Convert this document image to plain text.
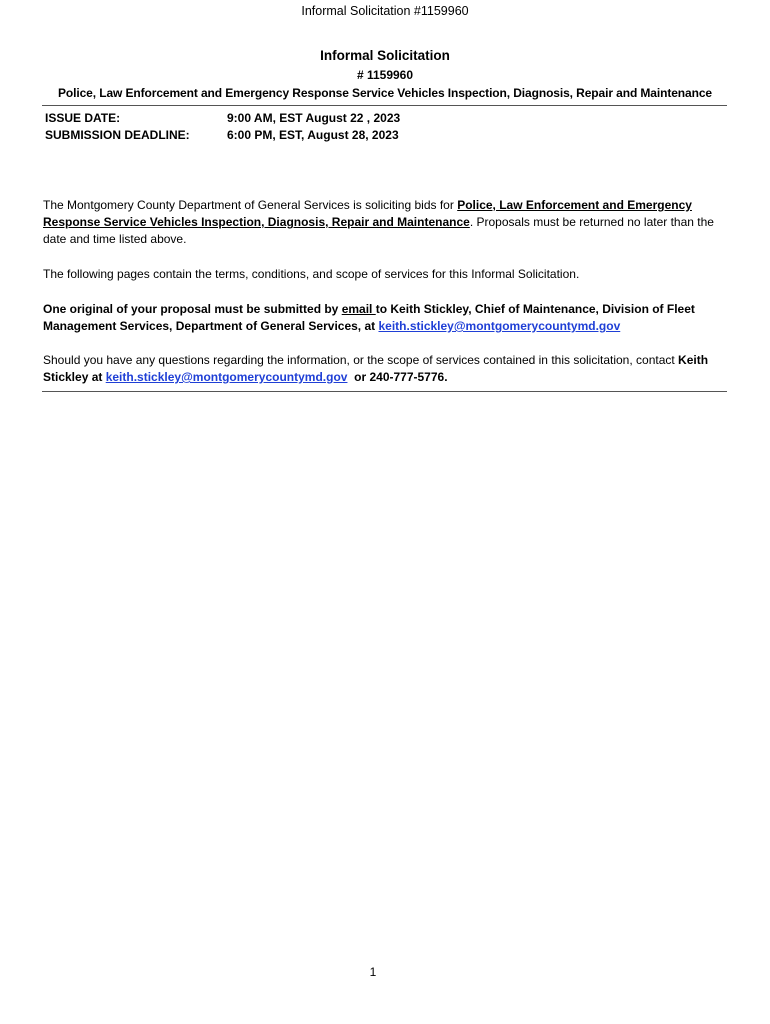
Informal Solicitation #1159960
Informal Solicitation
# 1159960
Police, Law Enforcement and Emergency Response Service Vehicles Inspection, Diagnosis, Repair and Maintenance
ISSUE DATE:	9:00 AM, EST August 22 , 2023
SUBMISSION DEADLINE:	6:00 PM, EST, August 28, 2023
The Montgomery County Department of General Services is soliciting bids for Police, Law Enforcement and Emergency Response Service Vehicles Inspection, Diagnosis, Repair and Maintenance. Proposals must be returned no later than the date and time listed above.
The following pages contain the terms, conditions, and scope of services for this Informal Solicitation.
One original of your proposal must be submitted by email to Keith Stickley, Chief of Maintenance, Division of Fleet Management Services, Department of General Services, at keith.stickley@montgomerycountymd.gov
Should you have any questions regarding the information, or the scope of services contained in this solicitation, contact Keith Stickley at keith.stickley@montgomerycountymd.gov  or 240-777-5776.
1
